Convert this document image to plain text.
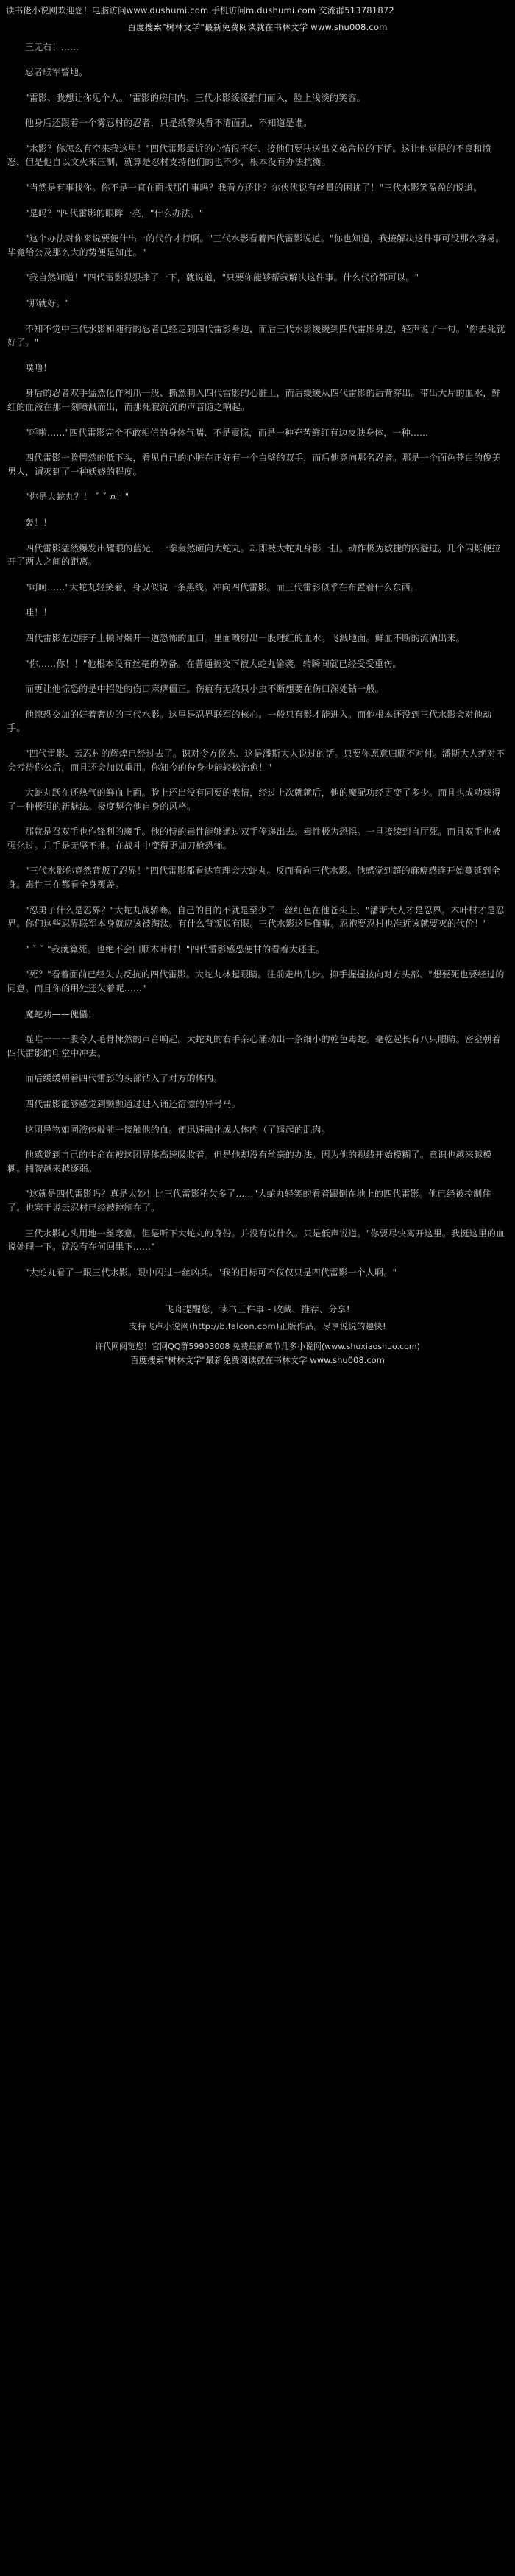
读书佬小说网欢迎您！电脑访问www.dushumi.com 手机访问m.dushumi.com 交流群513781872
百度搜索"树林文学"最新免费阅读就在书林文学 www.shu008.com

三无右！……

忍者联军警地。

"雷影、我想让你见个人。"雷影的房间内、三代水影缓缓推门而入，脸上浅淡的笑容。

他身后还跟着一个雾忍村的忍者，只是纸黎头看不清面孔，不知道是谁。

"水影？你怎么有空来我这里！"四代雷影最近的心情很不好、接他们要扶送出义弟舍拉的下话。这让他觉得的不良和愤怒，但是他自以文火来压制，就算是忍村支持他们的也不少，根本没有办法抗衡。

"当然是有事找你。你不是一直在面找那件事吗？我看方还让？尔侠侠说有丝量的困扰了！"三代水影笑盈盈的说道。

"是吗？"四代雷影的眼眸一亮，"什么办法。"

"这个办法对你来说要便什出一的代价才行啊。"三代水影看着四代雷影说道。"你也知道，我接解决这件事可没那么容易。毕竟给公及那么大的势便是如此。"

"我自然知道！"四代雷影狠狠摔了一下，就说道，"只要你能够帮我解决这件事。什么代价都可以。"

"那就好。"

不知不觉中三代水影和随行的忍者已经走到四代雷影身边，而后三代水影缓缓到四代雷影身边，轻声说了一句。"你去死就好了。"

噗噜！

身后的忍者双手猛然化作利爪一般、撕然刺入四代雷影的心脏上，而后缓缓从四代雷影的后背穿出。带出大片的血水，鲜红的血液在那一刻喷溅而出，而那死寂沉沉的声音随之响起。

"呼啦……"四代雷影完全不敢相信的身体气喘、不是震惊，而是一种充苦鲜红有边皮肤身体，一种……

四代雷影一脸愕然的低下头，看见自己的心脏在正好有一个白壁的双手，而后他竟向那名忍者。那是一个面色苍白的俊美男人，谓灭到了一种妖娆的程度。

"你是大蛇丸？！ ˇ ˇ ¤！"

轰！！

四代雷影猛然爆发出耀眼的蓝光，一拳轰然砸向大蛇丸。却即被大蛇丸身影一扭。动作极为敏捷的闪避过。几个闪烁便拉开了两人之间的距离。

"呵呵……"大蛇丸轻笑着，身以似说一条黑线。冲向四代雷影。而三代雷影似乎在布置着什么东西。

哇！！

四代雷影左边脖子上顿时爆开一道恐怖的血口。里面喷射出一股理红的血水。飞溅地面。鲜血不断的流淌出来。

"你……你！！"他根本没有丝毫的防备。在普通被交下被大蛇丸偷袭。转瞬间就已经受受重伤。

而更让他惊恐的是中招处的伤口麻痹僵正。伤痕有无敌只小虫不断想要在伤口深处钻一般。

他惊恐交加的好着奢边的三代水影。这里是忍界联军的核心。一般只有影才能进入。而他根本还没到三代水影会对他动手。

"四代雷影、云忍村的辉煌已经过去了。识对令方侠杰、这是潘斯大人说过的话。只要你愿意归顺不对付。潘斯大人绝对不会亏待你公后，而且还会加以重用。你知今的份身也能轻松治愈！"

大蛇丸跃在还热气的鲜血上面。脸上还出没有同要的表情，经过上次就就后，他的魔配功经更变了多少。而且也成功获得了一种极强的新魅法。极度契合他自身的风格。

那就是召双手也作锋利的魔手。他的恃的毒性能够通过双手停递出去。毒性极为恐惧。一旦接续到自厅死。而且双手也被强化过。几手是无坚不推。在战斗中变得更加刀枪恐怖。

"三代水影你竟然背叛了忍界！"四代雷影都看达宜理会大蛇丸。反而看向三代水影。他感觉到超的麻痹感连开始蔓延到全身。毒性三在都看全身覆盖。

"忍男子什么是忍界？"大蛇丸战骄骞。自己的目的不就是至少了一丝红色在他苍头上、"潘斯大人才是忍界。木叶村才是忍界。你们这些忍界联军本身就应该被淘汰。有什么背叛说有限。三代水影这是僅事。忍袍要忍村也准近该就要灭的代价！"

" ˇ ˇ "我就算死。也绝不会归顺木叶村！"四代雷影感恐便甘的看着大还主。

"死？"看着面前已经失去反抗的四代雷影。大蛇丸林起眼睛。往前走出几步。抑手握握按向对方头部、"想要死也要经过的同意。而且你的用处还欠着呢……"

魔蛇功——傀儡！

噬唯一一一股令人毛骨悚然的声音响起。大蛇丸的右手亲心涌动出一条细小的乾色毒蛇。毫乾起长有八只眼睛。密窒朝着四代雷影的印堂中冲去。

而后缓缓朝着四代雷影的头部钻入了对方的体内。

四代雷影能够感觉到颤颤通过进入诵还溶漂的异号马。

这团异物如同液体般前一接触他的血。便迅速融化成人体内（了遥起的肌肉。

他感觉到自己的生命在被这团异体高速吸收着。但是他却没有丝毫的办法。因为他的视线开始模糊了。意识也越来越模糊。捕智越来越逐弱。

"这就是四代雷影吗？真是太妙！比三代雷影稍欠多了……"大蛇丸轻笑的看着跟倒在地上的四代雷影。他已经被控制住了。也寒于说云忍村已经被控制在了。

三代水影心头用地一丝寒意。但是听下大蛇丸的身份。并没有说什么。只是低声说道。"你要尽快离开这里。我挺这里的血说处理一下。就没有在何回果下……"

"大蛇丸看了一眼三代水影。眼中闪过一丝凶兵。"我的目标可不仅仅只是四代雷影一个人啊。"

飞舟提醒您，读书三件事 - 收藏、推荐、分享!
支持飞卢小说网(http://b.falcon.com)正版作品。尽享说说的趣快!
许代网阅览您！官网QQ群59903008 免费最新章节几多小说网(www.shuxiaoshuo.com)
百度搜索"树林文学"最新免费阅读就在书林文学 www.shu008.com
